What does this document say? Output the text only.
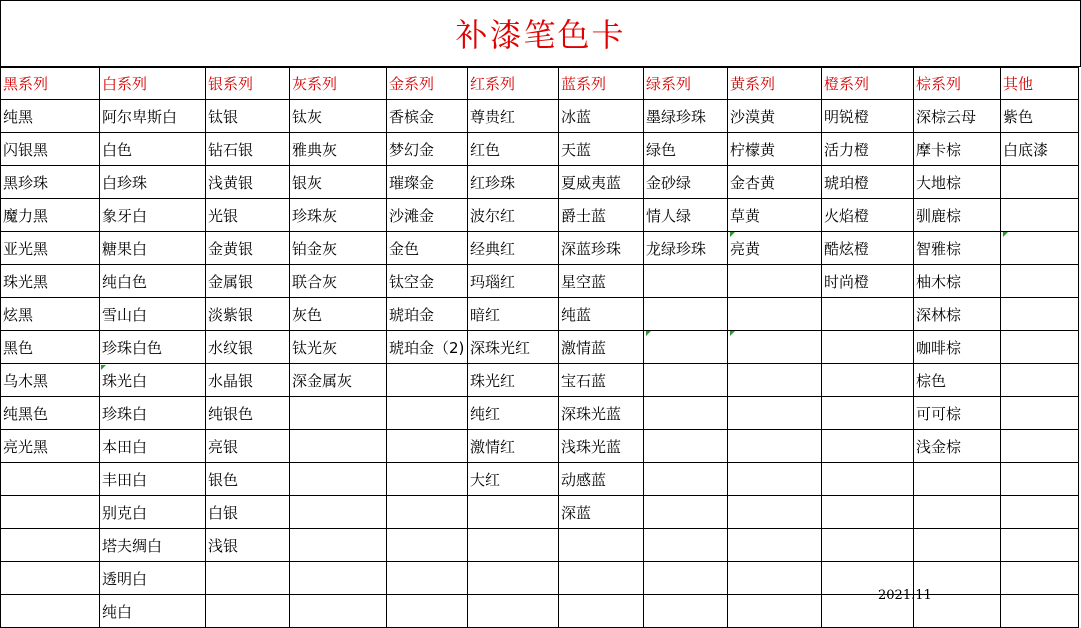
补漆笔色卡
黑系列	白系列	银系列	灰系列	金系列	红系列	蓝系列	绿系列	黄系列	橙系列	棕系列	其他
纯黑	阿尔卑斯白	钛银	钛灰	香槟金	尊贵红	冰蓝	墨绿珍珠	沙漠黄	明锐橙	深棕云母	紫色
闪银黑	白色	钻石银	雅典灰	梦幻金	红色	天蓝	绿色	柠檬黄	活力橙	摩卡棕	白底漆
黑珍珠	白珍珠	浅黄银	银灰	璀璨金	红珍珠	夏威夷蓝	金砂绿	金杏黄	琥珀橙	大地棕	
魔力黑	象牙白	光银	珍珠灰	沙滩金	波尔红	爵士蓝	情人绿	草黄	火焰橙	驯鹿棕	
亚光黑	糖果白	金黄银	铂金灰	金色	经典红	深蓝珍珠	龙绿珍珠	亮黄	酷炫橙	智雅棕	
珠光黑	纯白色	金属银	联合灰	钛空金	玛瑙红	星空蓝			时尚橙	柚木棕	
炫黑	雪山白	淡紫银	灰色	琥珀金	暗红	纯蓝				深林棕	
黑色	珍珠白色	水纹银	钛光灰	琥珀金（2)	深珠光红	激情蓝				咖啡棕	
乌木黑	珠光白	水晶银	深金属灰		珠光红	宝石蓝				棕色	
纯黑色	珍珠白	纯银色			纯红	深珠光蓝				可可棕	
亮光黑	本田白	亮银			激情红	浅珠光蓝				浅金棕	
	丰田白	银色			大红	动感蓝					
	别克白	白银				深蓝					
	塔夫绸白	浅银									
	透明白										
	纯白										
2021.11
